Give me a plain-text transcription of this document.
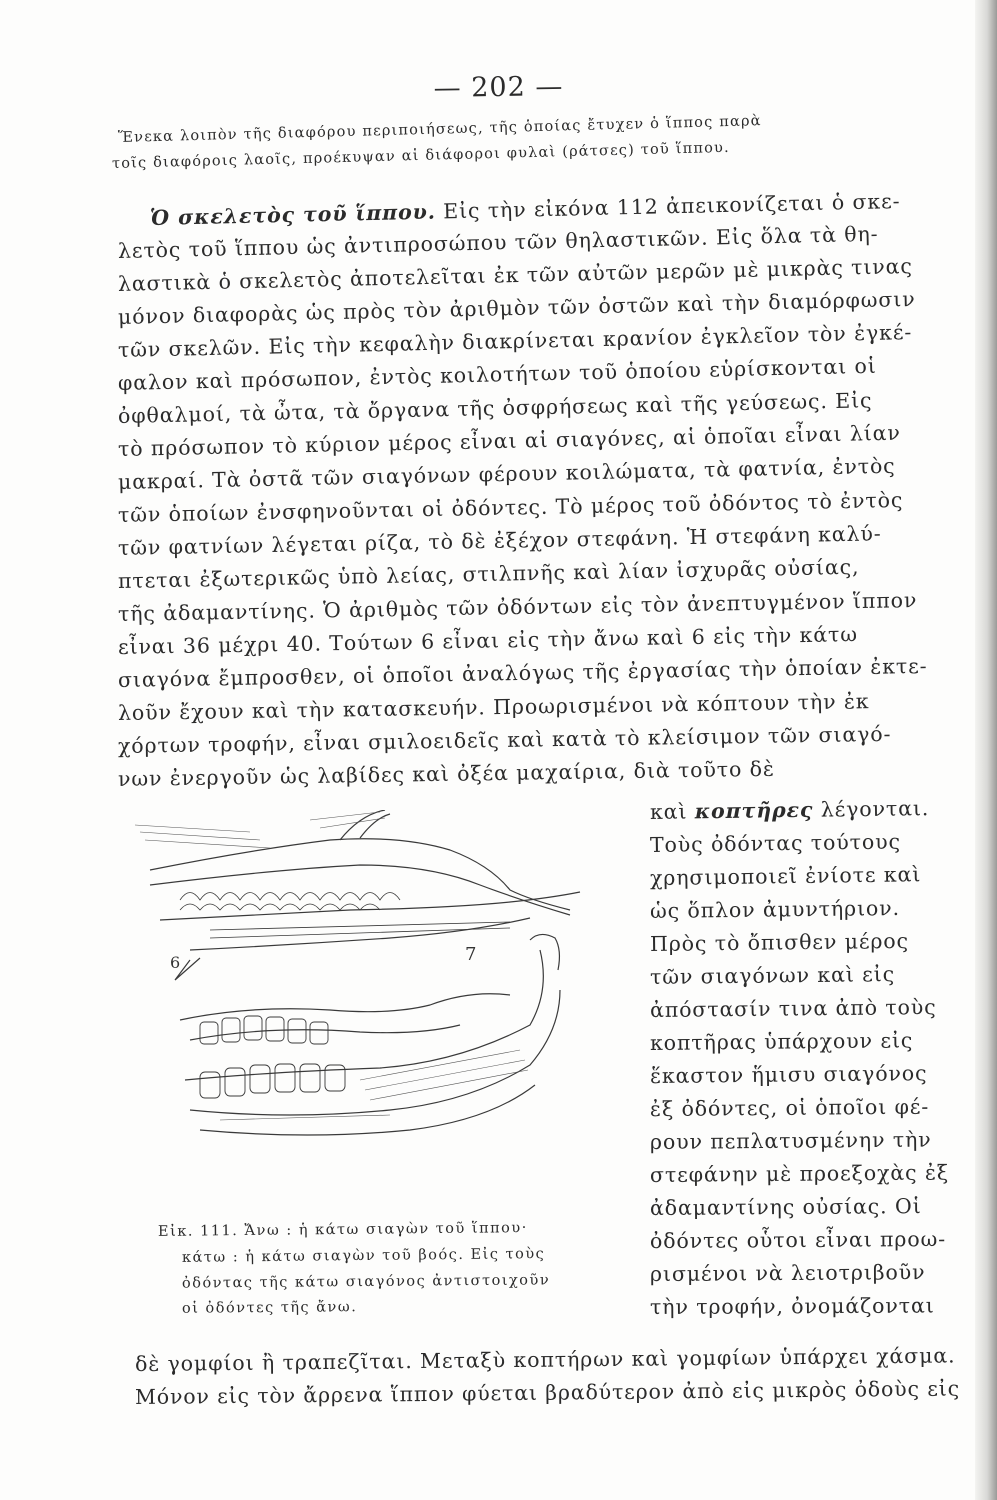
— 202 —
Ἕνεκα λοιπὸν τῆς διαφόρου περιποιήσεως, τῆς ὁποίας ἔτυχεν ὁ ἵππος παρὰ
τοῖς διαφόροις λαοῖς, προέκυψαν αἱ διάφοροι φυλαὶ (ράτσες) τοῦ ἵππου.
Ὁ σκελετὸς τοῦ ἵππου. Εἰς τὴν εἰκόνα 112 ἀπεικονίζεται ὁ σκε-
λετὸς τοῦ ἵππου ὡς ἀντιπροσώπου τῶν θηλαστικῶν. Εἰς ὅλα τὰ θη-
λαστικὰ ὁ σκελετὸς ἀποτελεῖται ἐκ τῶν αὐτῶν μερῶν μὲ μικρὰς τινας
μόνον διαφορὰς ὡς πρὸς τὸν ἀριθμὸν τῶν ὀστῶν καὶ τὴν διαμόρφωσιν
τῶν σκελῶν. Εἰς τὴν κεφαλὴν διακρίνεται κρανίον ἐγκλεῖον τὸν ἐγκέ-
φαλον καὶ πρόσωπον, ἐντὸς κοιλοτήτων τοῦ ὁποίου εὑρίσκονται οἱ
ὀφθαλμοί, τὰ ὦτα, τὰ ὄργανα τῆς ὀσφρήσεως καὶ τῆς γεύσεως. Εἰς
τὸ πρόσωπον τὸ κύριον μέρος εἶναι αἱ σιαγόνες, αἱ ὁποῖαι εἶναι λίαν
μακραί. Τὰ ὀστᾶ τῶν σιαγόνων φέρουν κοιλώματα, τὰ φατνία, ἐντὸς
τῶν ὁποίων ἐνσφηνοῦνται οἱ ὀδόντες. Τὸ μέρος τοῦ ὀδόντος τὸ ἐντὸς
τῶν φατνίων λέγεται ρίζα, τὸ δὲ ἐξέχον στεφάνη. Ἡ στεφάνη καλύ-
πτεται ἐξωτερικῶς ὑπὸ λείας, στιλπνῆς καὶ λίαν ἰσχυρᾶς οὐσίας,
τῆς ἀδαμαντίνης. Ὁ ἀριθμὸς τῶν ὀδόντων εἰς τὸν ἀνεπτυγμένον ἵππον
εἶναι 36 μέχρι 40. Τούτων 6 εἶναι εἰς τὴν ἄνω καὶ 6 εἰς τὴν κάτω
σιαγόνα ἔμπροσθεν, οἱ ὁποῖοι ἀναλόγως τῆς ἐργασίας τὴν ὁποίαν ἐκτε-
λοῦν ἔχουν καὶ τὴν κατασκευήν. Προωρισμένοι νὰ κόπτουν τὴν ἐκ
χόρτων τροφήν, εἶναι σμιλοειδεῖς καὶ κατὰ τὸ κλείσιμον τῶν σιαγό-
νων ἐνεργοῦν ὡς λαβίδες καὶ ὀξέα μαχαίρια, διὰ τοῦτο δὲ
καὶ κοπτῆρες λέγονται.
Τοὺς ὀδόντας τούτους
χρησιμοποιεῖ ἐνίοτε καὶ
ὡς ὅπλον ἀμυντήριον.
Πρὸς τὸ ὄπισθεν μέρος
τῶν σιαγόνων καὶ εἰς
ἀπόστασίν τινα ἀπὸ τοὺς
κοπτῆρας ὑπάρχουν εἰς
ἕκαστον ἥμισυ σιαγόνος
ἐξ ὀδόντες, οἱ ὁποῖοι φέ-
ρουν πεπλατυσμένην τὴν
στεφάνην μὲ προεξοχὰς ἐξ
ἀδαμαντίνης οὐσίας. Οἱ
ὀδόντες οὗτοι εἶναι προω-
ρισμένοι νὰ λειοτριβοῦν
τὴν τροφήν, ὀνομάζονται
6	7
Εἰκ. 111. Ἄνω : ἡ κάτω σιαγὼν τοῦ ἵππου·
κάτω : ἡ κάτω σιαγὼν τοῦ βοός. Εἰς τοὺς
ὀδόντας τῆς κάτω σιαγόνος ἀντιστοιχοῦν
οἱ ὀδόντες τῆς ἄνω.
δὲ γομφίοι ἢ τραπεζῖται. Μεταξὺ κοπτήρων καὶ γομφίων ὑπάρχει χάσμα.
Μόνον εἰς τὸν ἄρρενα ἵππον φύεται βραδύτερον ἀπὸ εἰς μικρὸς ὀδοὺς εἰς
